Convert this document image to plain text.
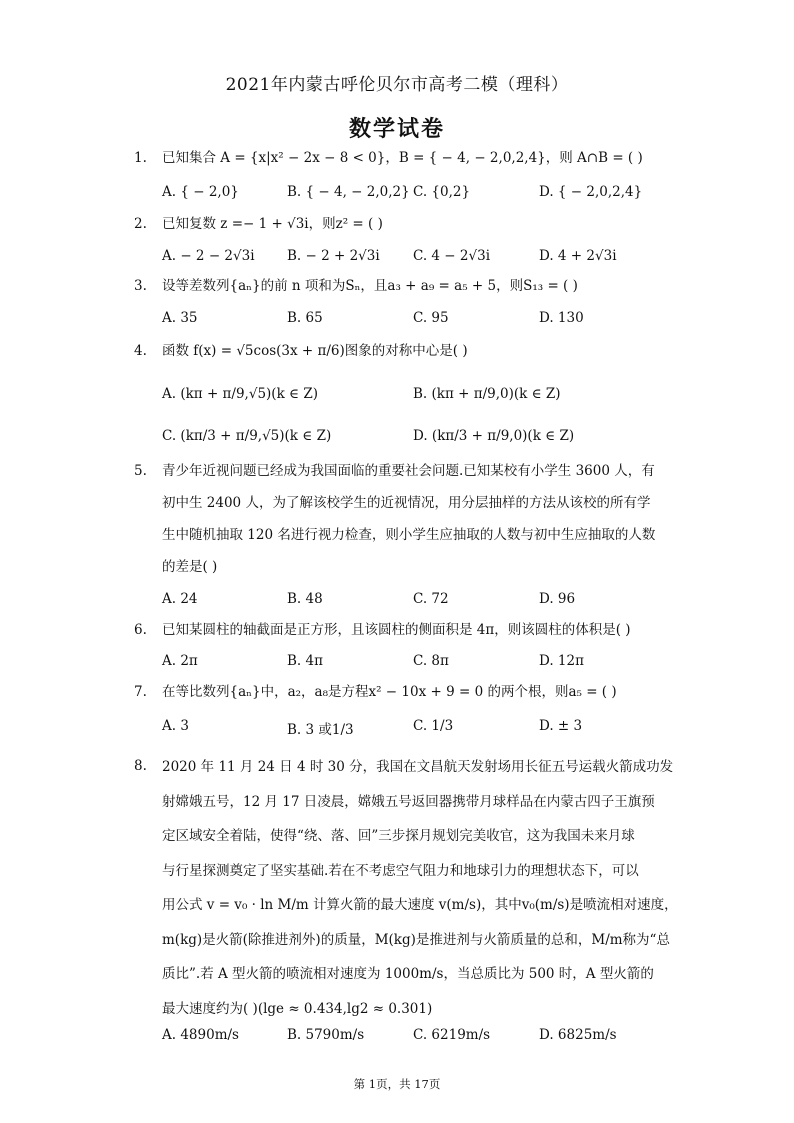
2021年内蒙古呼伦贝尔市高考二模（理科）
数学试卷
1. 已知集合 A = {x|x² − 2x − 8 < 0}，B = { − 4, − 2,0,2,4}，则 A∩B = ( )
A. { − 2,0}	B. { − 4, − 2,0,2} C. {0,2}	D. { − 2,0,2,4}
2. 已知复数 z =− 1 + √3i，则z² = ( )
A. − 2 − 2√3i B. − 2 + 2√3i C. 4 − 2√3i	D. 4 + 2√3i
3. 设等差数列{aₙ}的前 n 项和为Sₙ，且a₃ + a₉ = a₅ + 5，则S₁₃ = ( )
A. 35	B. 65	C. 95	D. 130
4. 函数 f(x) = √5cos(3x + π/6)图象的对称中心是( )
A. (kπ + π/9,√5)(k ∈ Z)	B. (kπ + π/9,0)(k ∈ Z)
C. (kπ/3 + π/9,√5)(k ∈ Z)	D. (kπ/3 + π/9,0)(k ∈ Z)
5. 青少年近视问题已经成为我国面临的重要社会问题.已知某校有小学生 3600 人，有
初中生 2400 人，为了解该校学生的近视情况，用分层抽样的方法从该校的所有学
生中随机抽取 120 名进行视力检查，则小学生应抽取的人数与初中生应抽取的人数
的差是( )
A. 24	B. 48	C. 72	D. 96
6. 已知某圆柱的轴截面是正方形，且该圆柱的侧面积是 4π，则该圆柱的体积是( )
A. 2π	B. 4π	C. 8π	D. 12π
7. 在等比数列{aₙ}中，a₂，a₈是方程x² − 10x + 9 = 0 的两个根，则a₅ = ( )
A. 3	B. 3 或1/3	C. 1/3	D. ± 3
8. 2020 年 11 月 24 日 4 时 30 分，我国在文昌航天发射场用长征五号运载火箭成功发
射嫦娥五号，12 月 17 日凌晨，嫦娥五号返回器携带月球样品在内蒙古四子王旗预
定区域安全着陆，使得“绕、落、回”三步探月规划完美收官，这为我国未来月球
与行星探测奠定了坚实基础.若在不考虑空气阻力和地球引力的理想状态下，可以
用公式 v = v₀ · ln M/m 计算火箭的最大速度 v(m/s)，其中v₀(m/s)是喷流相对速度，
m(kg)是火箭(除推进剂外)的质量，M(kg)是推进剂与火箭质量的总和，M/m称为“总
质比”.若 A 型火箭的喷流相对速度为 1000m/s，当总质比为 500 时，A 型火箭的
最大速度约为( )(lge ≈ 0.434,lg2 ≈ 0.301)
A. 4890m/s	B. 5790m/s	C. 6219m/s	D. 6825m/s
第 1页，共 17页
